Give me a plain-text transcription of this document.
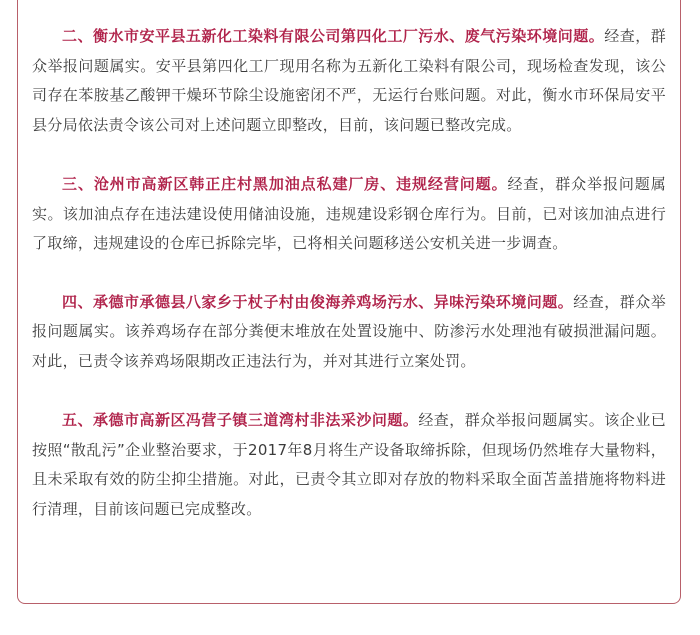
二、衡水市安平县五新化工染料有限公司第四化工厂污水、废气污染环境问题。经查，群众举报问题属实。安平县第四化工厂现用名称为五新化工染料有限公司，现场检查发现，该公司存在苯胺基乙酸钾干燥环节除尘设施密闭不严，无运行台账问题。对此，衡水市环保局安平县分局依法责令该公司对上述问题立即整改，目前，该问题已整改完成。

三、沧州市高新区韩正庄村黑加油点私建厂房、违规经营问题。经查，群众举报问题属实。该加油点存在违法建设使用储油设施，违规建设彩钢仓库行为。目前，已对该加油点进行了取缔，违规建设的仓库已拆除完毕，已将相关问题移送公安机关进一步调查。

四、承德市承德县八家乡于杖子村由俊海养鸡场污水、异味污染环境问题。经查，群众举报问题属实。该养鸡场存在部分粪便末堆放在处置设施中、防渗污水处理池有破损泄漏问题。对此，已责令该养鸡场限期改正违法行为，并对其进行立案处罚。

五、承德市高新区冯营子镇三道湾村非法采沙问题。经查，群众举报问题属实。该企业已按照“散乱污”企业整治要求，于2017年8月将生产设备取缔拆除，但现场仍然堆存大量物料，且未采取有效的防尘抑尘措施。对此，已责令其立即对存放的物料采取全面苫盖措施将物料进行清理，目前该问题已完成整改。
